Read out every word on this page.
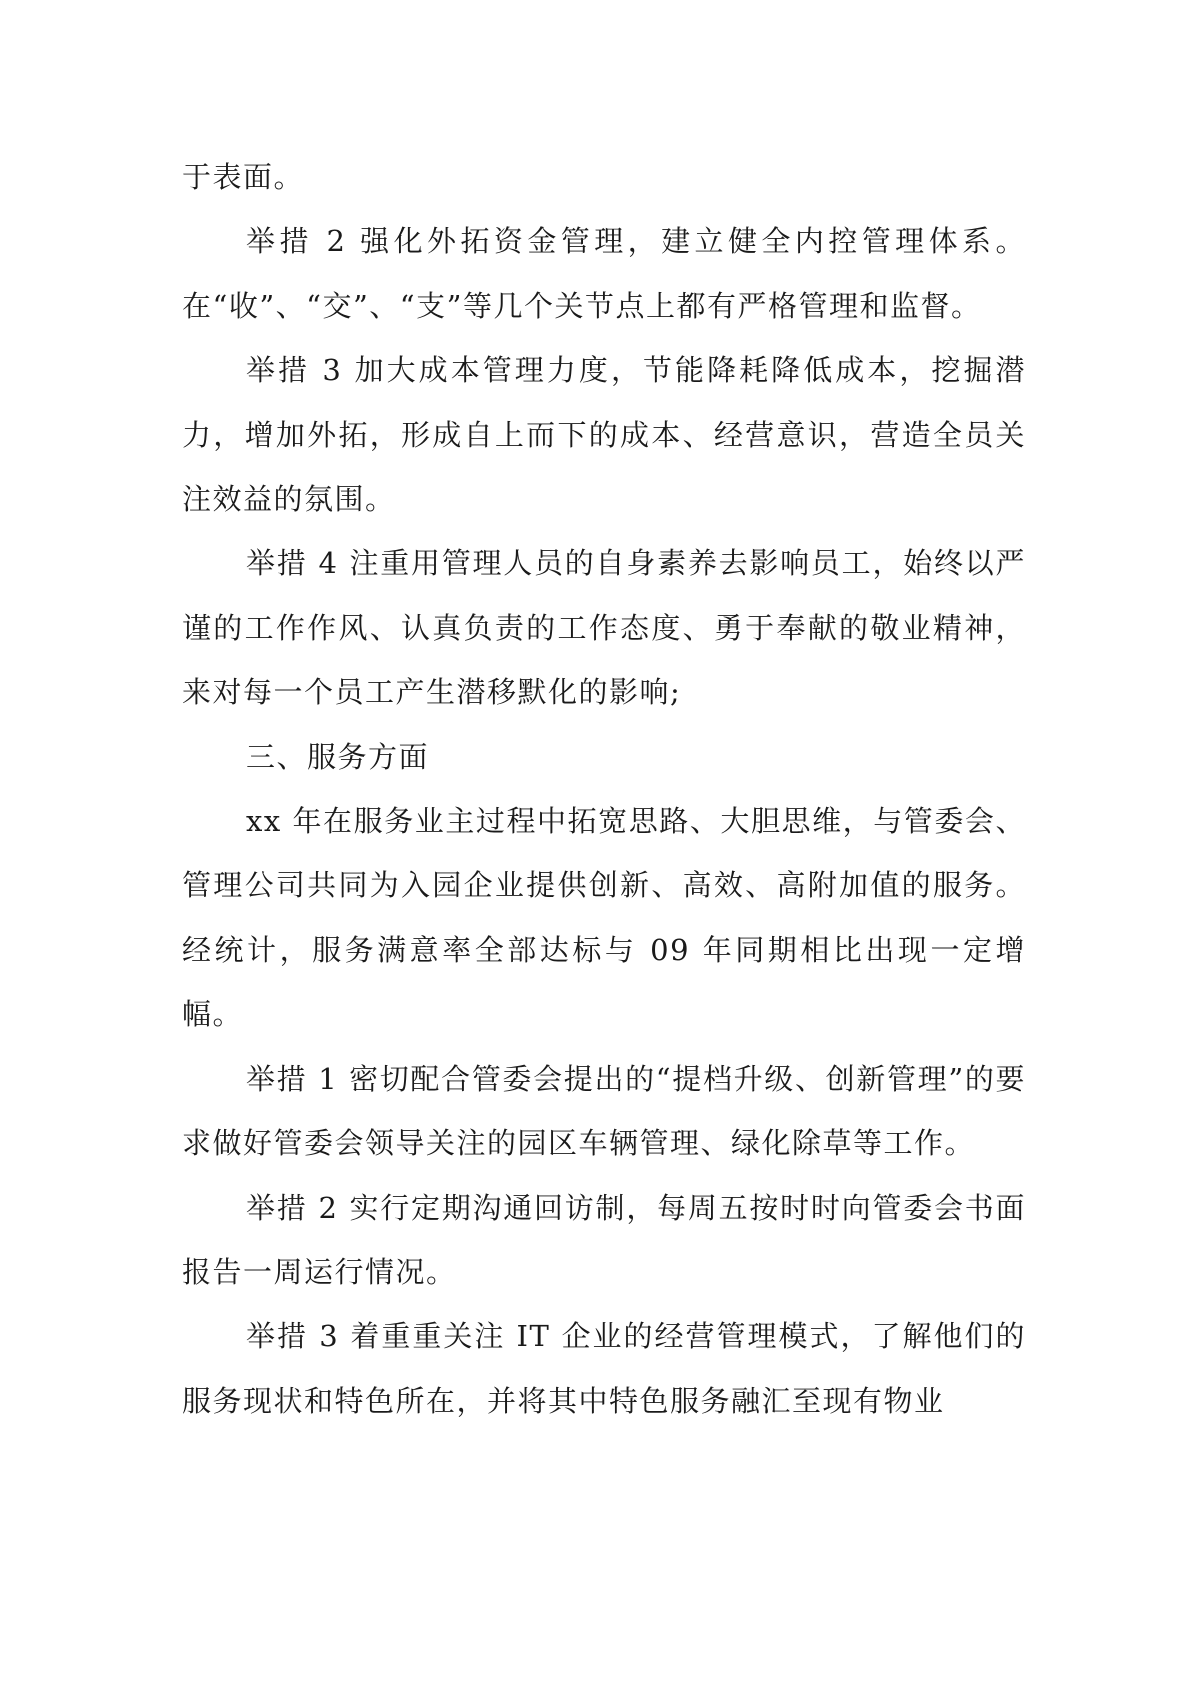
于表面。

举措 2 强化外拓资金管理，建立健全内控管理体系。在“收”、“交”、“支”等几个关节点上都有严格管理和监督。

举措 3 加大成本管理力度，节能降耗降低成本，挖掘潜力，增加外拓，形成自上而下的成本、经营意识，营造全员关注效益的氛围。

举措 4 注重用管理人员的自身素养去影响员工，始终以严谨的工作作风、认真负责的工作态度、勇于奉献的敬业精神，来对每一个员工产生潜移默化的影响;

三、服务方面

xx 年在服务业主过程中拓宽思路、大胆思维，与管委会、管理公司共同为入园企业提供创新、高效、高附加值的服务。经统计，服务满意率全部达标与 09 年同期相比出现一定增幅。

举措 1 密切配合管委会提出的“提档升级、创新管理”的要求做好管委会领导关注的园区车辆管理、绿化除草等工作。

举措 2 实行定期沟通回访制，每周五按时时向管委会书面报告一周运行情况。

举措 3 着重重关注 IT 企业的经营管理模式，了解他们的服务现状和特色所在，并将其中特色服务融汇至现有物业
